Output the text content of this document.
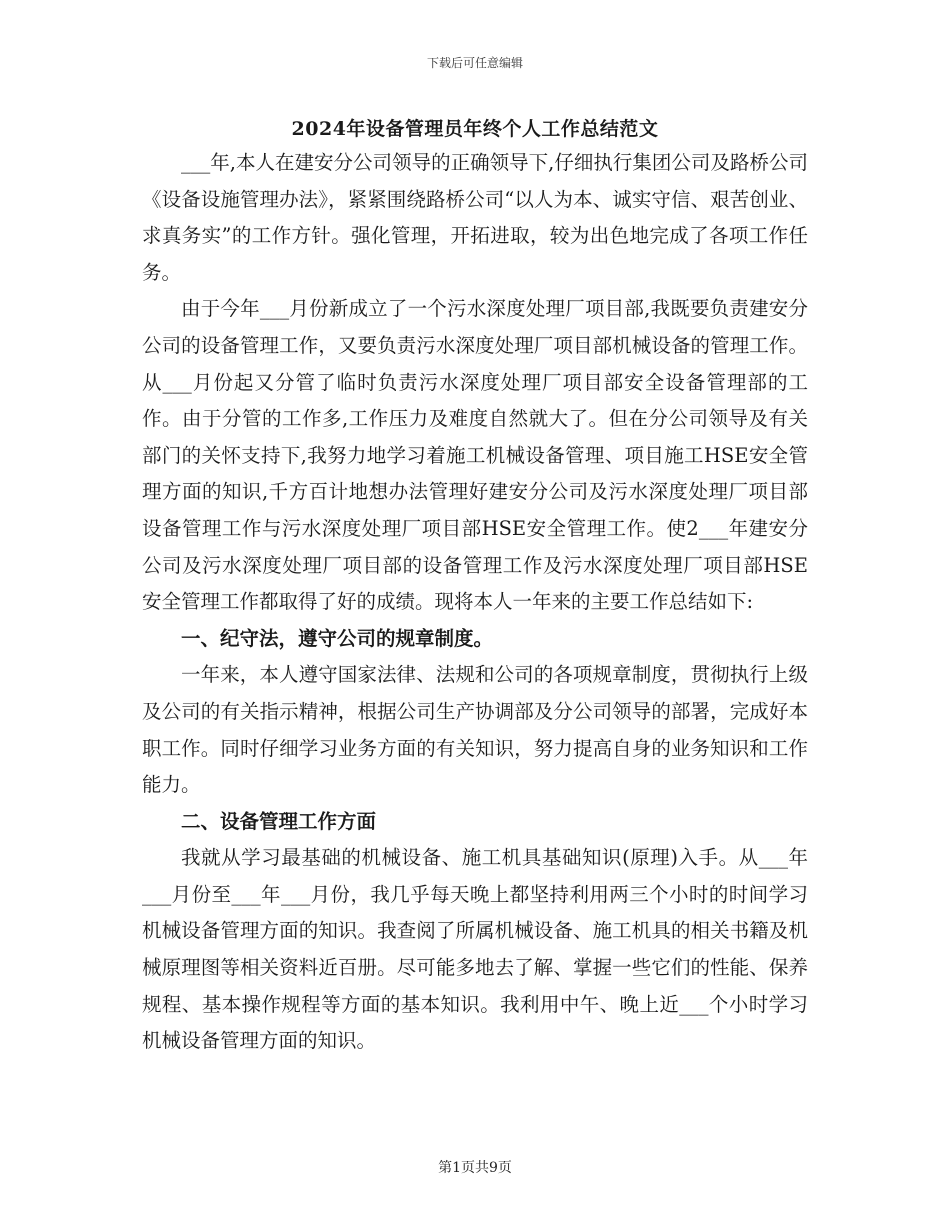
下载后可任意编辑
2024年设备管理员年终个人工作总结范文

___年,本人在建安分公司领导的正确领导下,仔细执行集团公司及路桥公司《设备设施管理办法》，紧紧围绕路桥公司“以人为本、诚实守信、艰苦创业、求真务实”的工作方针。强化管理，开拓进取，较为出色地完成了各项工作任务。

由于今年___月份新成立了一个污水深度处理厂项目部,我既要负责建安分公司的设备管理工作，又要负责污水深度处理厂项目部机械设备的管理工作。从___月份起又分管了临时负责污水深度处理厂项目部安全设备管理部的工作。由于分管的工作多,工作压力及难度自然就大了。但在分公司领导及有关部门的关怀支持下,我努力地学习着施工机械设备管理、项目施工HSE安全管理方面的知识,千方百计地想办法管理好建安分公司及污水深度处理厂项目部设备管理工作与污水深度处理厂项目部HSE安全管理工作。使2___年建安分公司及污水深度处理厂项目部的设备管理工作及污水深度处理厂项目部HSE安全管理工作都取得了好的成绩。现将本人一年来的主要工作总结如下:

一、纪守法，遵守公司的规章制度。

一年来，本人遵守国家法律、法规和公司的各项规章制度，贯彻执行上级及公司的有关指示精神，根据公司生产协调部及分公司领导的部署，完成好本职工作。同时仔细学习业务方面的有关知识，努力提高自身的业务知识和工作能力。

二、设备管理工作方面

我就从学习最基础的机械设备、施工机具基础知识(原理)入手。从___年___月份至___年___月份，我几乎每天晚上都坚持利用两三个小时的时间学习机械设备管理方面的知识。我查阅了所属机械设备、施工机具的相关书籍及机械原理图等相关资料近百册。尽可能多地去了解、掌握一些它们的性能、保养规程、基本操作规程等方面的基本知识。我利用中午、晚上近___个小时学习机械设备管理方面的知识。

第1页共9页
